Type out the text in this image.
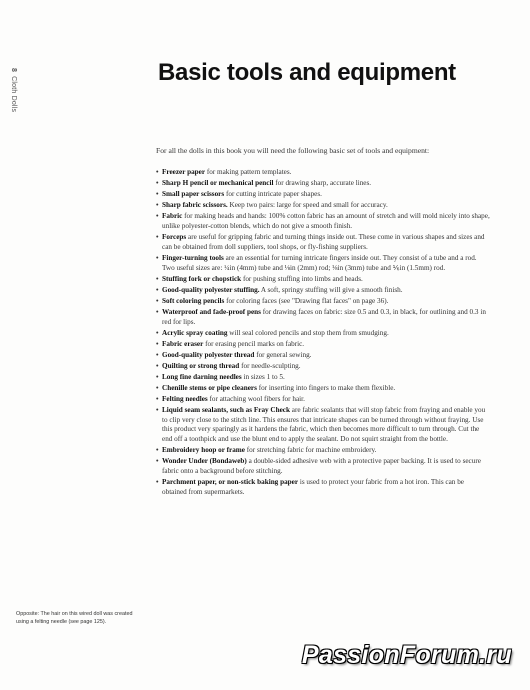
8Cloth Dolls
Basic tools and equipment

For all the dolls in this book you will need the following basic set of tools and equipment:

• Freezer paper for making pattern templates.
• Sharp H pencil or mechanical pencil for drawing sharp, accurate lines.
• Small paper scissors for cutting intricate paper shapes.
• Sharp fabric scissors. Keep two pairs: large for speed and small for accuracy.
• Fabric for making heads and hands: 100% cotton fabric has an amount of stretch and will mold nicely into shape, unlike polyester-cotton blends, which do not give a smooth finish.
• Forceps are useful for gripping fabric and turning things inside out. These come in various shapes and sizes and can be obtained from doll suppliers, tool shops, or fly-fishing suppliers.
• Finger-turning tools are an essential for turning intricate fingers inside out. They consist of a tube and a rod. Two useful sizes are: ¼in (4mm) tube and ⅛in (2mm) rod; ⅛in (3mm) tube and ⅙in (1.5mm) rod.
• Stuffing fork or chopstick for pushing stuffing into limbs and heads.
• Good-quality polyester stuffing. A soft, springy stuffing will give a smooth finish.
• Soft coloring pencils for coloring faces (see "Drawing flat faces" on page 36).
• Waterproof and fade-proof pens for drawing faces on fabric: size 0.5 and 0.3, in black, for outlining and 0.3 in red for lips.
• Acrylic spray coating will seal colored pencils and stop them from smudging.
• Fabric eraser for erasing pencil marks on fabric.
• Good-quality polyester thread for general sewing.
• Quilting or strong thread for needle-sculpting.
• Long fine darning needles in sizes 1 to 5.
• Chenille stems or pipe cleaners for inserting into fingers to make them flexible.
• Felting needles for attaching wool fibers for hair.
• Liquid seam sealants, such as Fray Check are fabric sealants that will stop fabric from fraying and enable you to clip very close to the stitch line. This ensures that intricate shapes can be turned through without fraying. Use this product very sparingly as it hardens the fabric, which then becomes more difficult to turn through. Cut the end off a toothpick and use the blunt end to apply the sealant. Do not squirt straight from the bottle.
• Embroidery hoop or frame for stretching fabric for machine embroidery.
• Wonder Under (Bondaweb) a double-sided adhesive web with a protective paper backing. It is used to secure fabric onto a background before stitching.
• Parchment paper, or non-stick baking paper is used to protect your fabric from a hot iron. This can be obtained from supermarkets.

Opposite: The hair on this wired doll was created using a felting needle (see page 125).

PassionForum.ru
